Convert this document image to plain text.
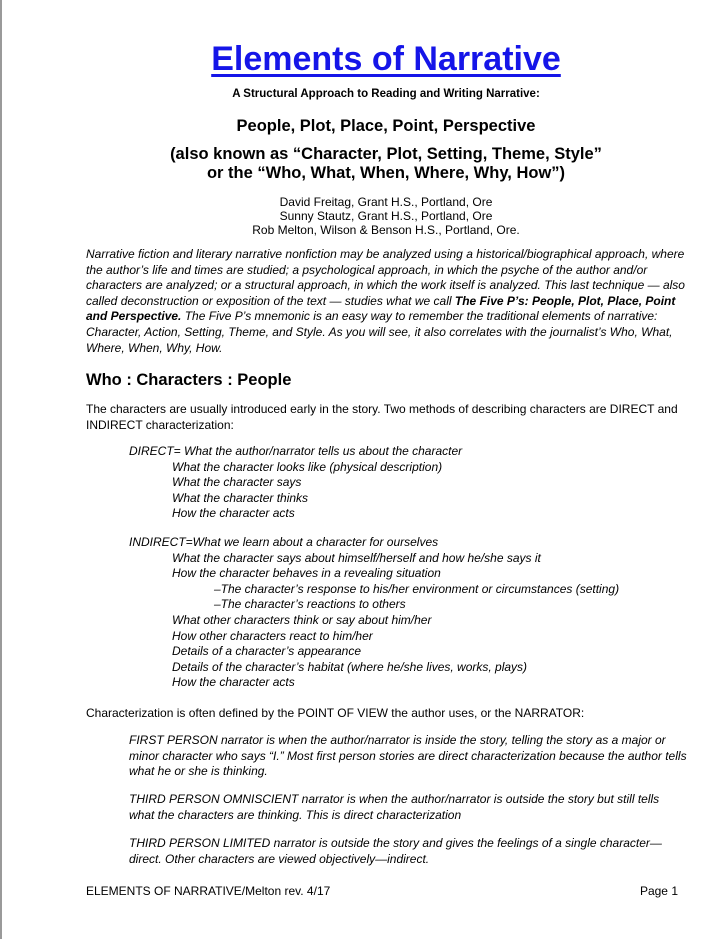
Elements of Narrative
A Structural Approach to Reading and Writing Narrative:
People, Plot, Place, Point, Perspective
(also known as “Character, Plot, Setting, Theme, Style”
or the “Who, What, When, Where, Why, How”)
David Freitag, Grant H.S., Portland, Ore
Sunny Stautz, Grant H.S., Portland, Ore
Rob Melton, Wilson & Benson H.S., Portland, Ore.
Narrative fiction and literary narrative nonfiction may be analyzed using a historical/biographical approach, where the author’s life and times are studied; a psychological approach, in which the psyche of the author and/or characters are analyzed; or a structural approach, in which the work itself is analyzed. This last technique — also called deconstruction or exposition of the text — studies what we call The Five P’s: People, Plot, Place, Point and Perspective. The Five P’s mnemonic is an easy way to remember the traditional elements of narrative: Character, Action, Setting, Theme, and Style. As you will see, it also correlates with the journalist’s Who, What, Where, When, Why, How.
Who : Characters : People
The characters are usually introduced early in the story. Two methods of describing characters are DIRECT and INDIRECT characterization:
DIRECT= What the author/narrator tells us about the character
What the character looks like (physical description)
What the character says
What the character thinks
How the character acts
INDIRECT=What we learn about a character for ourselves
What the character says about himself/herself and how he/she says it
How the character behaves in a revealing situation
–The character’s response to his/her environment or circumstances (setting)
–The character’s reactions to others
What other characters think or say about him/her
How other characters react to him/her
Details of a character’s appearance
Details of the character’s habitat (where he/she lives, works, plays)
How the character acts
Characterization is often defined by the POINT OF VIEW the author uses, or the NARRATOR:
FIRST PERSON narrator is when the author/narrator is inside the story, telling the story as a major or minor character who says “I.” Most first person stories are direct characterization because the author tells what he or she is thinking.
THIRD PERSON OMNISCIENT narrator is when the author/narrator is outside the story but still tells what the characters are thinking. This is direct characterization
THIRD PERSON LIMITED narrator is outside the story and gives the feelings of a single character—direct. Other characters are viewed objectively—indirect.
ELEMENTS OF NARRATIVE/Melton rev. 4/17	Page 1
